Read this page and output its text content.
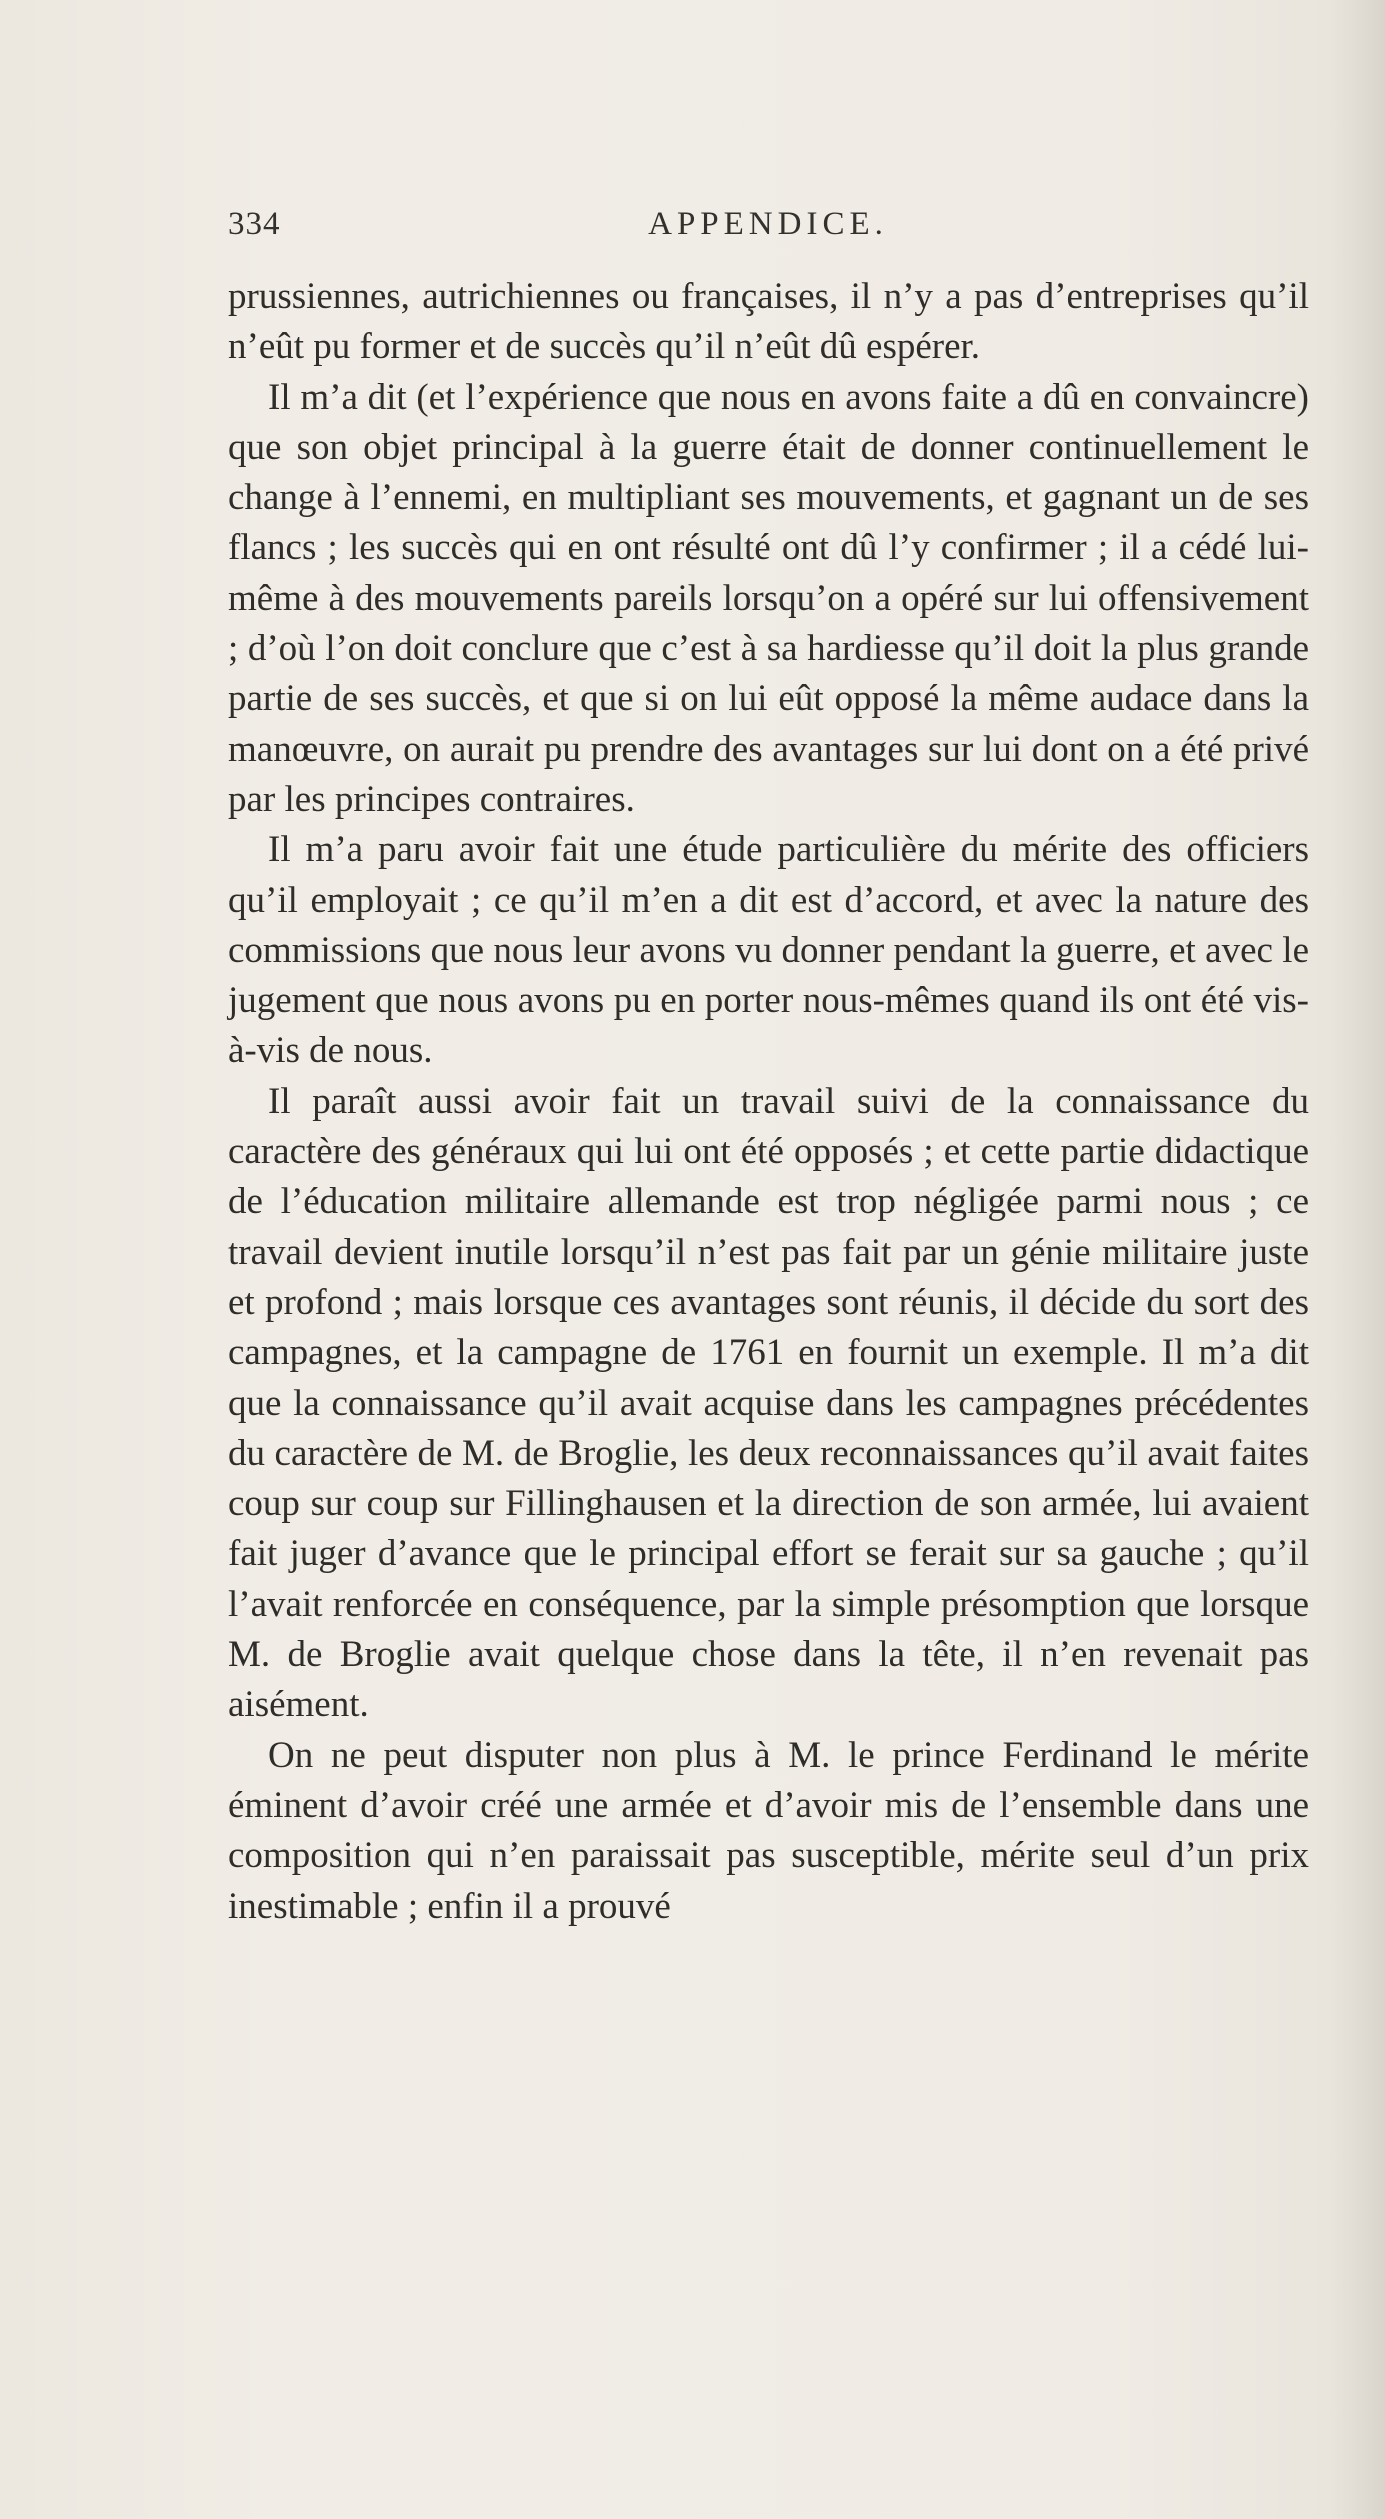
334	APPENDICE.

prussiennes, autrichiennes ou françaises, il n’y a pas d’entreprises qu’il n’eût pu former et de succès qu’il n’eût dû espérer.

Il m’a dit (et l’expérience que nous en avons faite a dû en convaincre) que son objet principal à la guerre était de donner continuellement le change à l’ennemi, en multipliant ses mouvements, et gagnant un de ses flancs ; les succès qui en ont résulté ont dû l’y confirmer ; il a cédé lui-même à des mouvements pareils lorsqu’on a opéré sur lui offensivement ; d’où l’on doit conclure que c’est à sa hardiesse qu’il doit la plus grande partie de ses succès, et que si on lui eût opposé la même audace dans la manœuvre, on aurait pu prendre des avantages sur lui dont on a été privé par les principes contraires.

Il m’a paru avoir fait une étude particulière du mérite des officiers qu’il employait ; ce qu’il m’en a dit est d’accord, et avec la nature des commissions que nous leur avons vu donner pendant la guerre, et avec le jugement que nous avons pu en porter nous-mêmes quand ils ont été vis-à-vis de nous.

Il paraît aussi avoir fait un travail suivi de la connaissance du caractère des généraux qui lui ont été opposés ; et cette partie didactique de l’éducation militaire allemande est trop négligée parmi nous ; ce travail devient inutile lorsqu’il n’est pas fait par un génie militaire juste et profond ; mais lorsque ces avantages sont réunis, il décide du sort des campagnes, et la campagne de 1761 en fournit un exemple. Il m’a dit que la connaissance qu’il avait acquise dans les campagnes précédentes du caractère de M. de Broglie, les deux reconnaissances qu’il avait faites coup sur coup sur Fillinghausen et la direction de son armée, lui avaient fait juger d’avance que le principal effort se ferait sur sa gauche ; qu’il l’avait renforcée en conséquence, par la simple présomption que lorsque M. de Broglie avait quelque chose dans la tête, il n’en revenait pas aisément.

On ne peut disputer non plus à M. le prince Ferdinand le mérite éminent d’avoir créé une armée et d’avoir mis de l’ensemble dans une composition qui n’en paraissait pas susceptible, mérite seul d’un prix inestimable ; enfin il a prouvé
